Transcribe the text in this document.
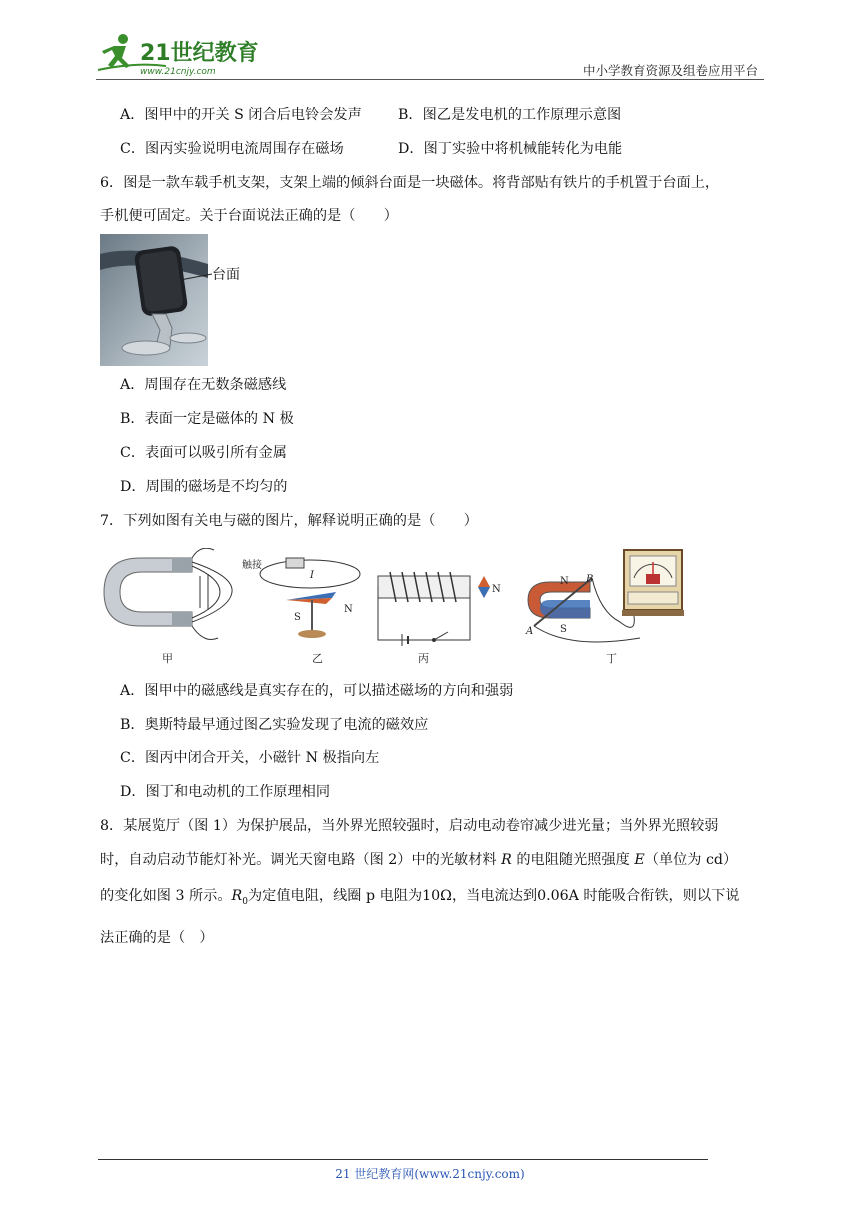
21世纪教育
www.21cnjy.com	中小学教育资源及组卷应用平台
A．图甲中的开关 S 闭合后电铃会发声	B．图乙是发电机的工作原理示意图
C．图丙实验说明电流周围存在磁场	D．图丁实验中将机械能转化为电能
6．图是一款车载手机支架，支架上端的倾斜台面是一块磁体。将背部贴有铁片的手机置于台面上，
手机便可固定。关于台面说法正确的是（　　）
台面
A．周围存在无数条磁感线
B．表面一定是磁体的 N 极
C．表面可以吸引所有金属
D．周围的磁场是不均匀的
7．下列如图有关电与磁的图片，解释说明正确的是（　　）
甲
触接
I
S
N
乙
N
丙
N
S
A
B
丁
A．图甲中的磁感线是真实存在的，可以描述磁场的方向和强弱
B．奥斯特最早通过图乙实验发现了电流的磁效应
C．图丙中闭合开关，小磁针 N 极指向左
D．图丁和电动机的工作原理相同
8．某展览厅（图 1）为保护展品，当外界光照较强时，启动电动卷帘减少进光量；当外界光照较弱
时，自动启动节能灯补光。调光天窗电路（图 2）中的光敏材料 R 的电阻随光照强度 E（单位为 cd）
的变化如图 3 所示。$R_0$为定值电阻，线圈 p 电阻为10Ω，当电流达到0.06A 时能吸合衔铁，则以下说
法正确的是（　）
21 世纪教育网(www.21cnjy.com)
